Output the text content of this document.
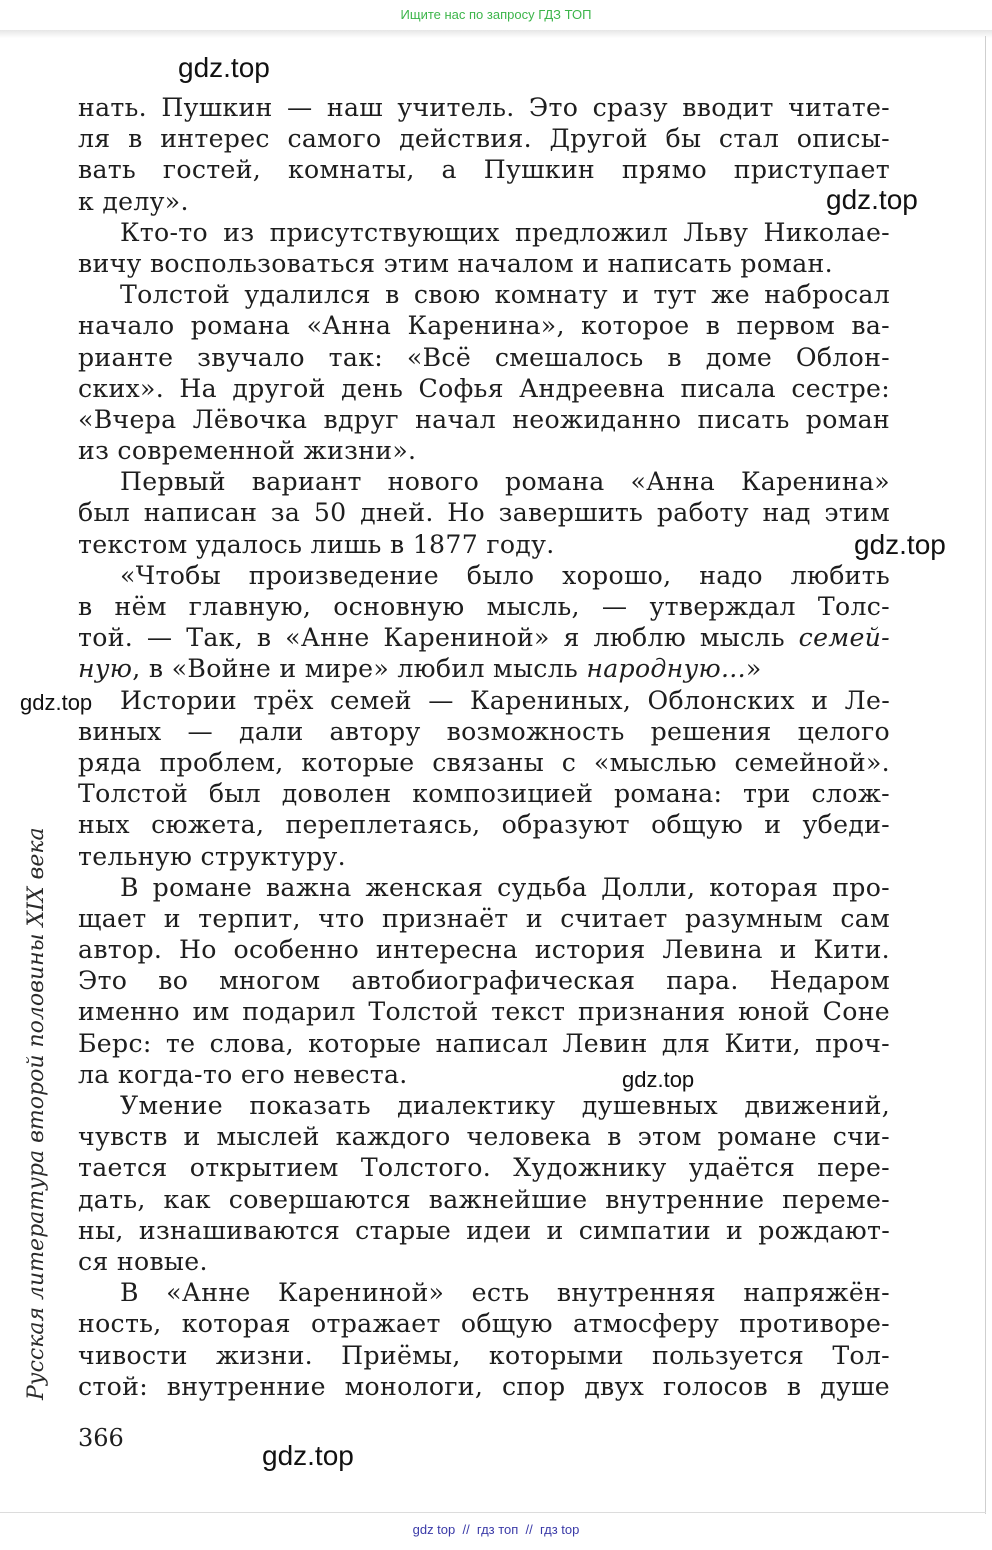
Ищите нас по запросу ГДЗ ТОП
нать. Пушкин — наш учитель. Это сразу вводит читате-
ля в интерес самого действия. Другой бы стал описы-
вать гостей, комнаты, а Пушкин прямо приступает
к делу».
Кто-то из присутствующих предложил Льву Николае-
вичу воспользоваться этим началом и написать роман.
Толстой удалился в свою комнату и тут же набросал
начало романа «Анна Каренина», которое в первом ва-
рианте звучало так: «Всё смешалось в доме Облон-
ских». На другой день Софья Андреевна писала сестре:
«Вчера Лёвочка вдруг начал неожиданно писать роман
из современной жизни».
Первый вариант нового романа «Анна Каренина»
был написан за 50 дней. Но завершить работу над этим
текстом удалось лишь в 1877 году.
«Чтобы произведение было хорошо, надо любить
в нём главную, основную мысль, — утверждал Толс-
той. — Так, в «Анне Карениной» я люблю мысль семей-
ную, в «Войне и мире» любил мысль народную...»
Истории трёх семей — Карениных, Облонских и Ле-
виных — дали автору возможность решения целого
ряда проблем, которые связаны с «мыслью семейной».
Толстой был доволен композицией романа: три слож-
ных сюжета, переплетаясь, образуют общую и убеди-
тельную структуру.
В романе важна женская судьба Долли, которая про-
щает и терпит, что признаёт и считает разумным сам
автор. Но особенно интересна история Левина и Кити.
Это во многом автобиографическая пара. Недаром
именно им подарил Толстой текст признания юной Соне
Берс: те слова, которые написал Левин для Кити, проч-
ла когда-то его невеста.
Умение показать диалектику душевных движений,
чувств и мыслей каждого человека в этом романе счи-
тается открытием Толстого. Художнику удаётся пере-
дать, как совершаются важнейшие внутренние переме-
ны, изнашиваются старые идеи и симпатии и рождают-
ся новые.
В «Анне Карениной» есть внутренняя напряжён-
ность, которая отражает общую атмосферу противоре-
чивости жизни. Приёмы, которыми пользуется Тол-
стой: внутренние монологи, спор двух голосов в душе
Русская литература второй половины XIX века
366
gdz.top
gdz.top
gdz.top
gdz.top
gdz.top
gdz.top
gdz top  //  гдз топ  //  гдз top
